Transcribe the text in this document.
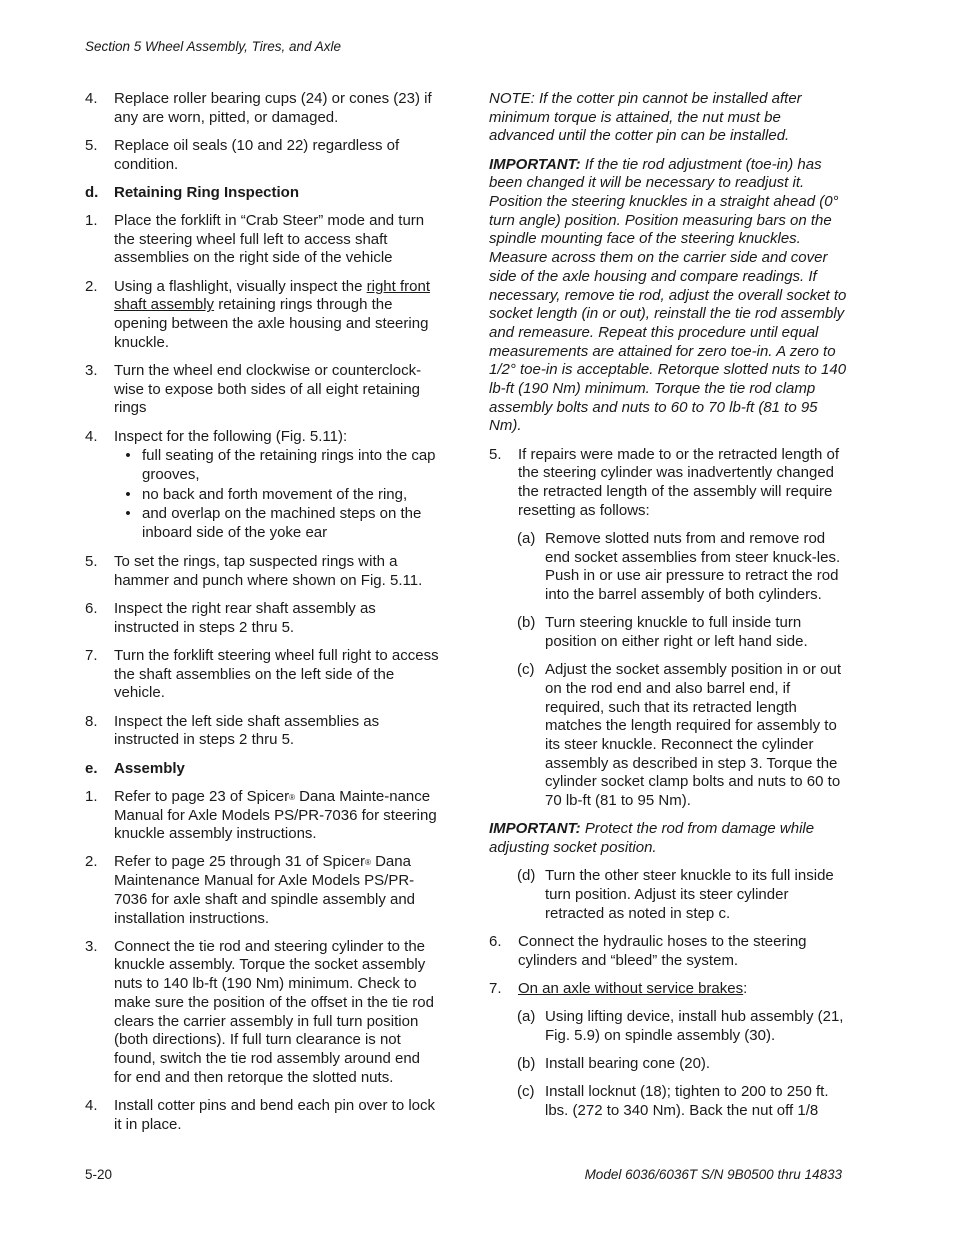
Section 5 Wheel Assembly, Tires, and Axle
4.	Replace roller bearing cups (24) or cones (23) if any are worn, pitted, or damaged.
5.	Replace oil seals (10 and 22) regardless of condition.
d.	Retaining Ring Inspection
1.	Place the forklift in “Crab Steer” mode and turn the steering wheel full left to access shaft assemblies on the right side of the vehicle
2.	Using a flashlight, visually inspect the right front shaft assembly retaining rings through the opening between the axle housing and steering knuckle.
3.	Turn the wheel end clockwise or counterclock-wise to expose both sides of all eight retaining rings
4.	Inspect for the following (Fig. 5.11):
• full seating of the retaining rings into the cap grooves,
• no back and forth movement of the ring,
• and overlap on the machined steps on the inboard side of the yoke ear
5.	To set the rings, tap suspected rings with a hammer and punch where shown on Fig. 5.11.
6.	Inspect the right rear shaft assembly as instructed in steps 2 thru 5.
7.	Turn the forklift steering wheel full right to access the shaft assemblies on the left side of the vehicle.
8.	Inspect the left side shaft assemblies as instructed in steps 2 thru 5.
e.	Assembly
1.	Refer to page 23 of Spicer® Dana Mainte-nance Manual for Axle Models PS/PR-7036 for steering knuckle assembly instructions.
2.	Refer to page 25 through 31 of Spicer® Dana Maintenance Manual for Axle Models PS/PR-7036 for axle shaft and spindle assembly and installation instructions.
3.	Connect the tie rod and steering cylinder to the knuckle assembly. Torque the socket assembly nuts to 140 lb-ft (190 Nm) minimum. Check to make sure the position of the offset in the tie rod clears the carrier assembly in full turn position (both directions). If full turn clearance is not found, switch the tie rod assembly around end for end and then retorque the slotted nuts.
4.	Install cotter pins and bend each pin over to lock it in place.
NOTE: If the cotter pin cannot be installed after minimum torque is attained, the nut must be advanced until the cotter pin can be installed.
IMPORTANT: If the tie rod adjustment (toe-in) has been changed it will be necessary to readjust it. Position the steering knuckles in a straight ahead (0° turn angle) position. Position measuring bars on the spindle mounting face of the steering knuckles. Measure across them on the carrier side and cover side of the axle housing and compare readings. If necessary, remove tie rod, adjust the overall socket to socket length (in or out), reinstall the tie rod assembly and remeasure. Repeat this procedure until equal measurements are attained for zero toe-in. A zero to 1/2° toe-in is acceptable. Retorque slotted nuts to 140 lb-ft (190 Nm) minimum. Torque the tie rod clamp assembly bolts and nuts to 60 to 70 lb-ft (81 to 95 Nm).
5.	If repairs were made to or the retracted length of the steering cylinder was inadvertently changed the retracted length of the assembly will require resetting as follows:
(a) Remove slotted nuts from and remove rod end socket assemblies from steer knuck-les. Push in or use air pressure to retract the rod into the barrel assembly of both cylinders.
(b) Turn steering knuckle to full inside turn position on either right or left hand side.
(c) Adjust the socket assembly position in or out on the rod end and also barrel end, if required, such that its retracted length matches the length required for assembly to its steer knuckle. Reconnect the cylinder assembly as described in step 3. Torque the cylinder socket clamp bolts and nuts to 60 to 70 lb-ft (81 to 95 Nm).
IMPORTANT: Protect the rod from damage while adjusting socket position.
(d) Turn the other steer knuckle to its full inside turn position. Adjust its steer cylinder retracted as noted in step c.
6.	Connect the hydraulic hoses to the steering cylinders and “bleed” the system.
7.	On an axle without service brakes:
(a) Using lifting device, install hub assembly (21, Fig. 5.9) on spindle assembly (30).
(b) Install bearing cone (20).
(c) Install locknut (18); tighten to 200 to 250 ft. lbs. (272 to 340 Nm). Back the nut off 1/8
5-20	Model 6036/6036T S/N 9B0500 thru 14833
